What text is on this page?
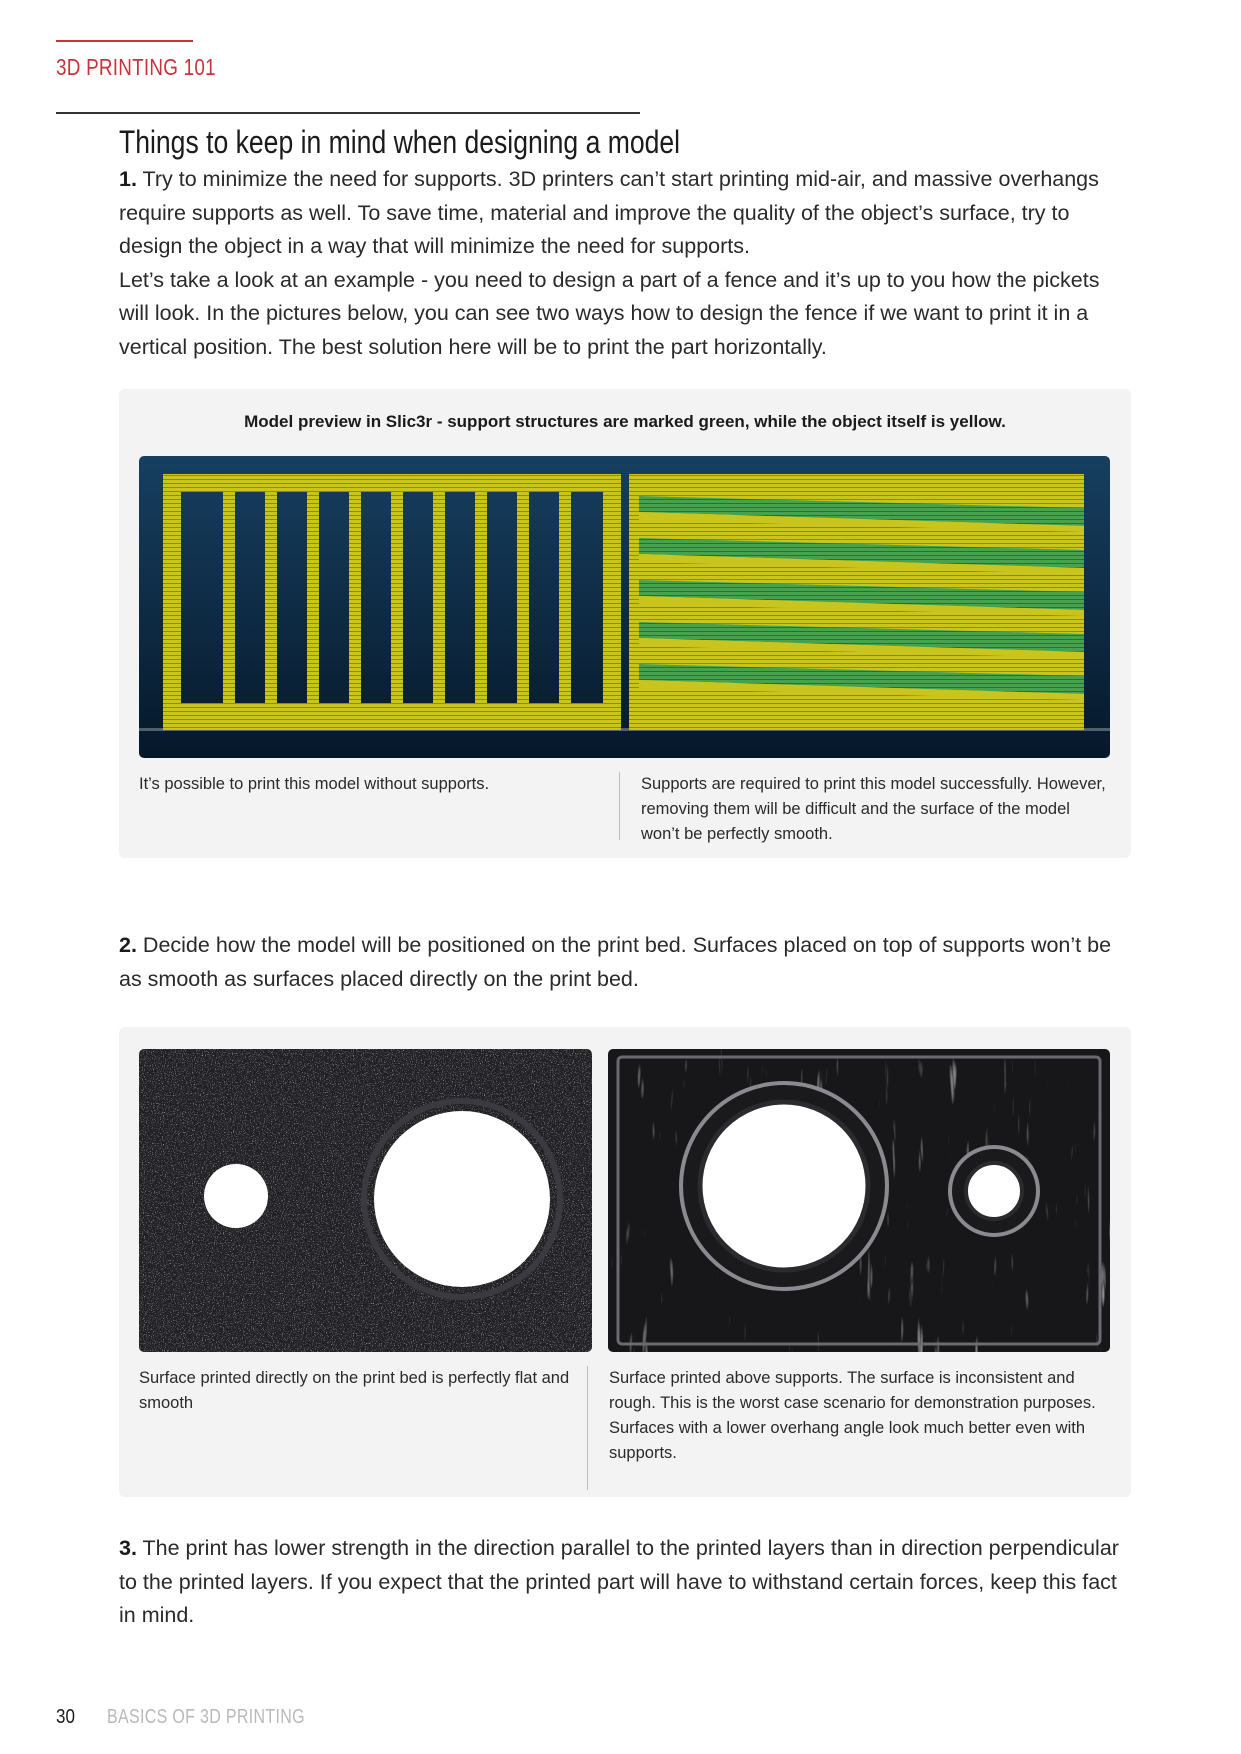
3D PRINTING 101
Things to keep in mind when designing a model
1. Try to minimize the need for supports. 3D printers can’t start printing mid-air, and massive overhangs require supports as well. To save time, material and improve the quality of the object’s surface, try to design the object in a way that will minimize the need for supports.
Let’s take a look at an example - you need to design a part of a fence and it’s up to you how the pickets will look. In the pictures below, you can see two ways how to design the fence if we want to print it in a vertical position. The best solution here will be to print the part horizontally.
Model preview in Slic3r - support structures are marked green, while the object itself is yellow.
It’s possible to print this model without supports.	Supports are required to print this model successfully. However, removing them will be difficult and the surface of the model won’t be perfectly smooth.
2. Decide how the model will be positioned on the print bed. Surfaces placed on top of supports won’t be as smooth as surfaces placed directly on the print bed.
Surface printed directly on the print bed is perfectly flat and smooth
Surface printed above supports. The surface is inconsistent and rough. This is the worst case scenario for demonstration purposes. Surfaces with a lower overhang angle look much better even with supports.
3. The print has lower strength in the direction parallel to the printed layers than in direction perpendicular to the printed layers. If you expect that the printed part will have to withstand certain forces, keep this fact in mind.
30 BASICS OF 3D PRINTING
